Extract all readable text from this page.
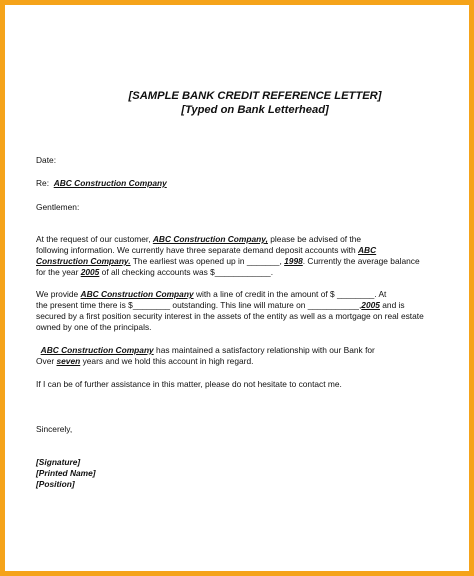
[SAMPLE BANK CREDIT REFERENCE LETTER]
[Typed on Bank Letterhead]
Date:
Re: ABC Construction Company
Gentlemen:
At the request of our customer, ABC Construction Company, please be advised of the
following information. We currently have three separate demand deposit accounts with ABC
Construction Company. The earliest was opened up in _______, 1998. Currently the average balance
for the year 2005 of all checking accounts was $____________.
We provide ABC Construction Company with a line of credit in the amount of $ ________. At
the present time there is $________ outstanding. This line will mature on ___________,2005 and is
secured by a first position security interest in the assets of the entity as well as a mortgage on real estate
owned by one of the principals.
ABC Construction Company has maintained a satisfactory relationship with our Bank for
Over seven years and we hold this account in high regard.
If I can be of further assistance in this matter, please do not hesitate to contact me.
Sincerely,
[Signature]
[Printed Name]
[Position]
